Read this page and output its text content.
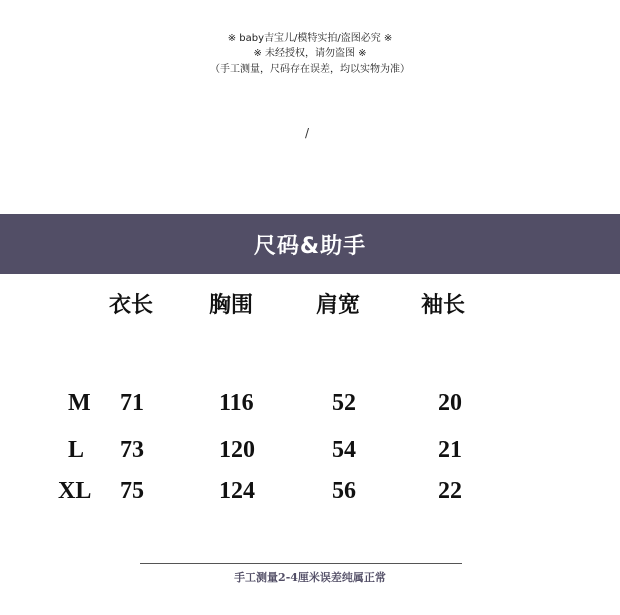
※ baby吉宝儿/模特实拍/盗图必究 ※
※ 未经授权，请勿盗图 ※
（手工测量，尺码存在误差，均以实物为准）
/
尺码&助手
衣长	胸围	肩宽	袖长
M 71	116	52	20
L 73	120	54	21
XL 75	124	56	22
手工测量2-4厘米误差纯属正常
